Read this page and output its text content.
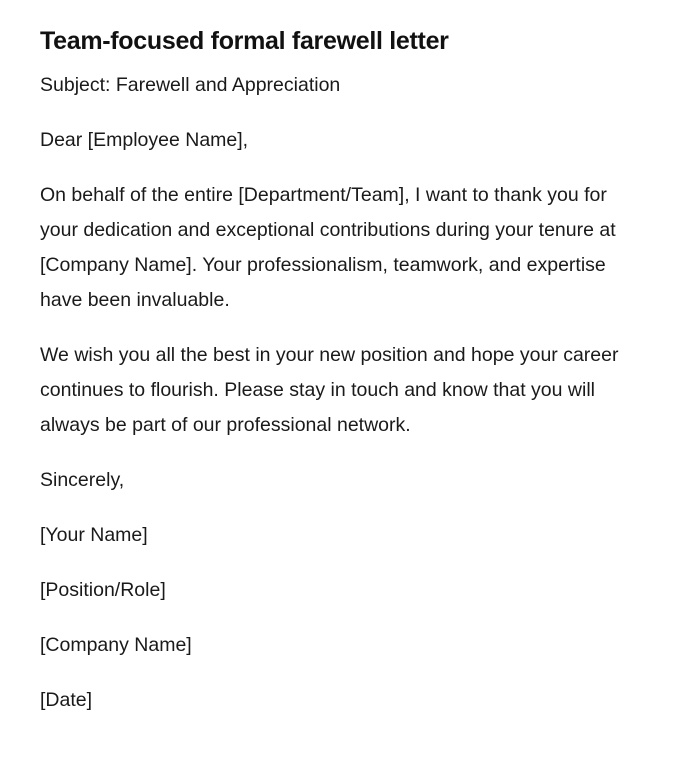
Team-focused formal farewell letter

Subject: Farewell and Appreciation

Dear [Employee Name],

On behalf of the entire [Department/Team], I want to thank you for your dedication and exceptional contributions during your tenure at [Company Name]. Your professionalism, teamwork, and expertise have been invaluable.

We wish you all the best in your new position and hope your career continues to flourish. Please stay in touch and know that you will always be part of our professional network.

Sincerely,

[Your Name]

[Position/Role]

[Company Name]

[Date]
